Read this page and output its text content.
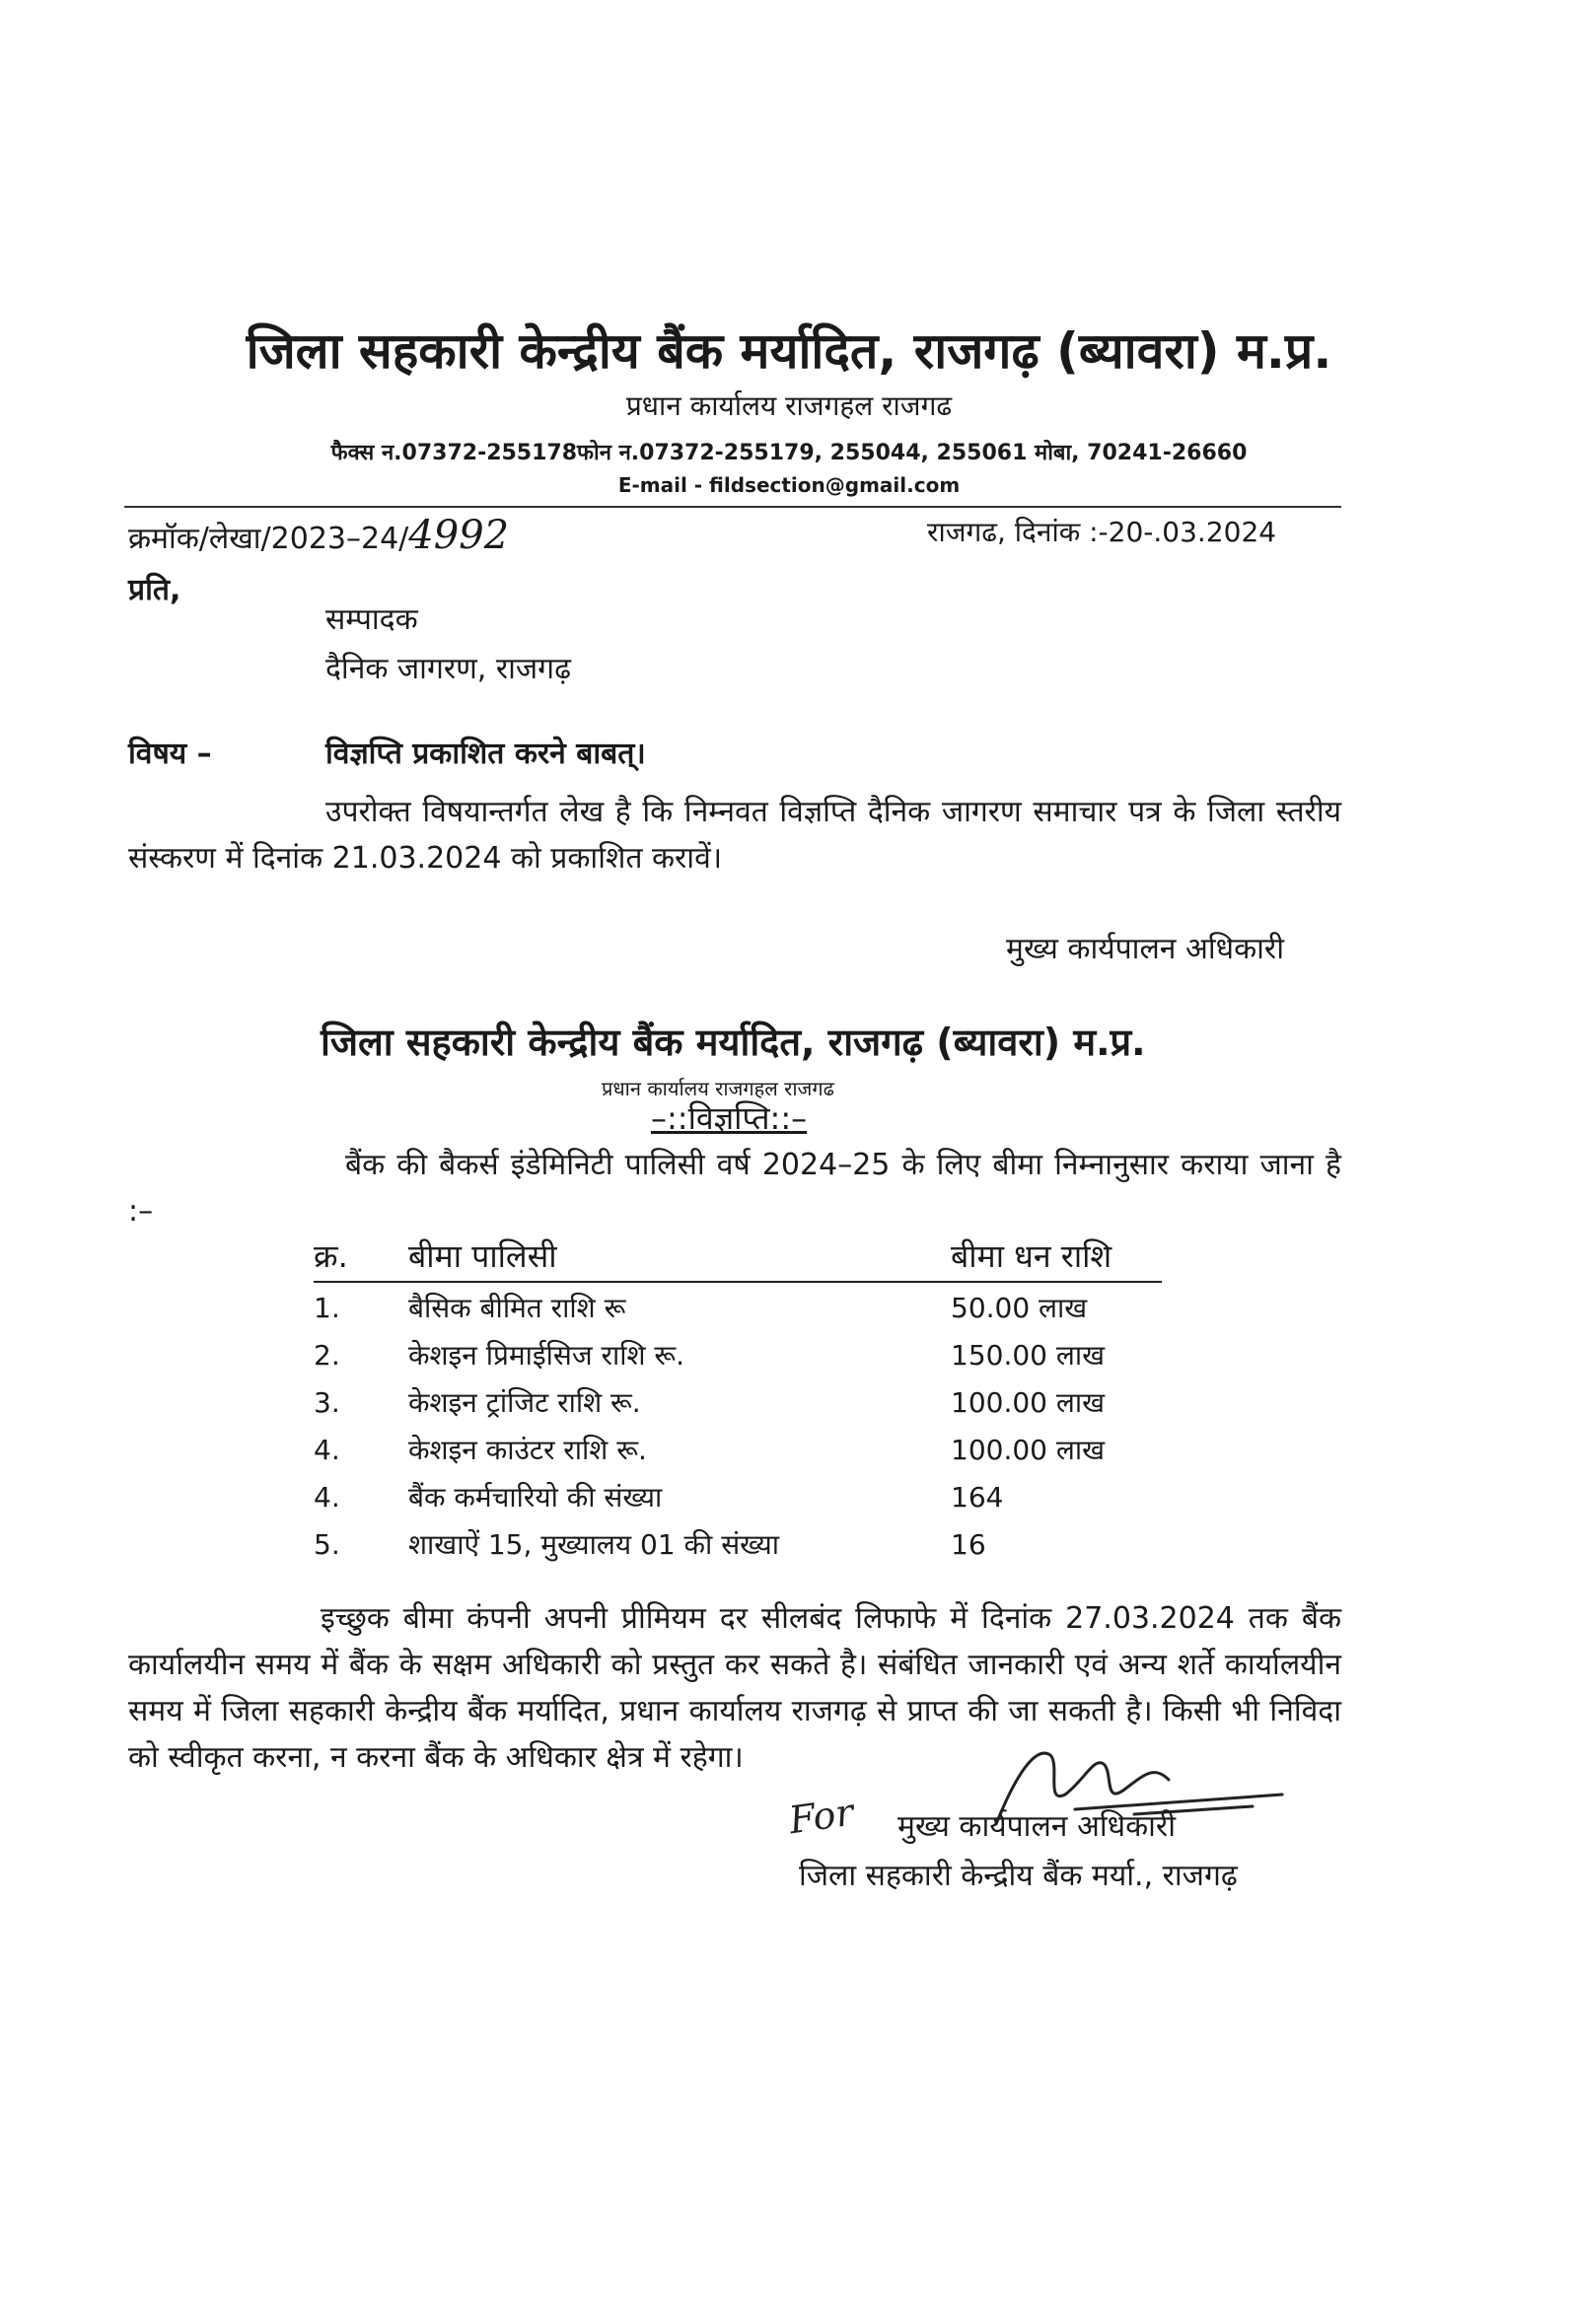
जिला सहकारी केन्द्रीय बैंक मर्यादित, राजगढ़ (ब्यावरा) म.प्र.
प्रधान कार्यालय राजगहल राजगढ
फैक्स न.07372-255178फोन न.07372-255179, 255044, 255061 मोबा, 70241-26660
E-mail - fildsection@gmail.com
क्रमॉक/लेखा/2023–24/4992	राजगढ, दिनांक :-20-.03.2024
प्रति,
सम्पादक
दैनिक जागरण, राजगढ़
विषय –	विज्ञप्ति प्रकाशित करने बाबत्।
उपरोक्त विषयान्तर्गत लेख है कि निम्नवत विज्ञप्ति दैनिक जागरण समाचार पत्र के जिला स्तरीय संस्करण में दिनांक 21.03.2024 को प्रकाशित करावें।
मुख्य कार्यपालन अधिकारी
जिला सहकारी केन्द्रीय बैंक मर्यादित, राजगढ़ (ब्यावरा) म.प्र.
प्रधान कार्यालय राजगहल राजगढ
–::विज्ञप्ति::–
बैंक की बैकर्स इंडेमिनिटी पालिसी वर्ष 2024–25 के लिए बीमा निम्नानुसार कराया जाना है :–
क्र.	बीमा पालिसी	बीमा धन राशि
1.	बैसिक बीमित राशि रू	50.00 लाख
2.	केशइन प्रिमाईसिज राशि रू.	150.00 लाख
3.	केशइन ट्रांजिट राशि रू.	100.00 लाख
4.	केशइन काउंटर राशि रू.	100.00 लाख
4.	बैंक कर्मचारियो की संख्या	164
5.	शाखाऐं 15, मुख्यालय 01 की संख्या	16
इच्छुक बीमा कंपनी अपनी प्रीमियम दर सीलबंद लिफाफे में दिनांक 27.03.2024 तक बैंक कार्यालयीन समय में बैंक के सक्षम अधिकारी को प्रस्तुत कर सकते है। संबंधित जानकारी एवं अन्य शर्ते कार्यालयीन समय में जिला सहकारी केन्द्रीय बैंक मर्यादित, प्रधान कार्यालय राजगढ़ से प्राप्त की जा सकती है। किसी भी निविदा को स्वीकृत करना, न करना बैंक के अधिकार क्षेत्र में रहेगा।
For मुख्य कार्यपालन अधिकारी
जिला सहकारी केन्द्रीय बैंक मर्या., राजगढ़
